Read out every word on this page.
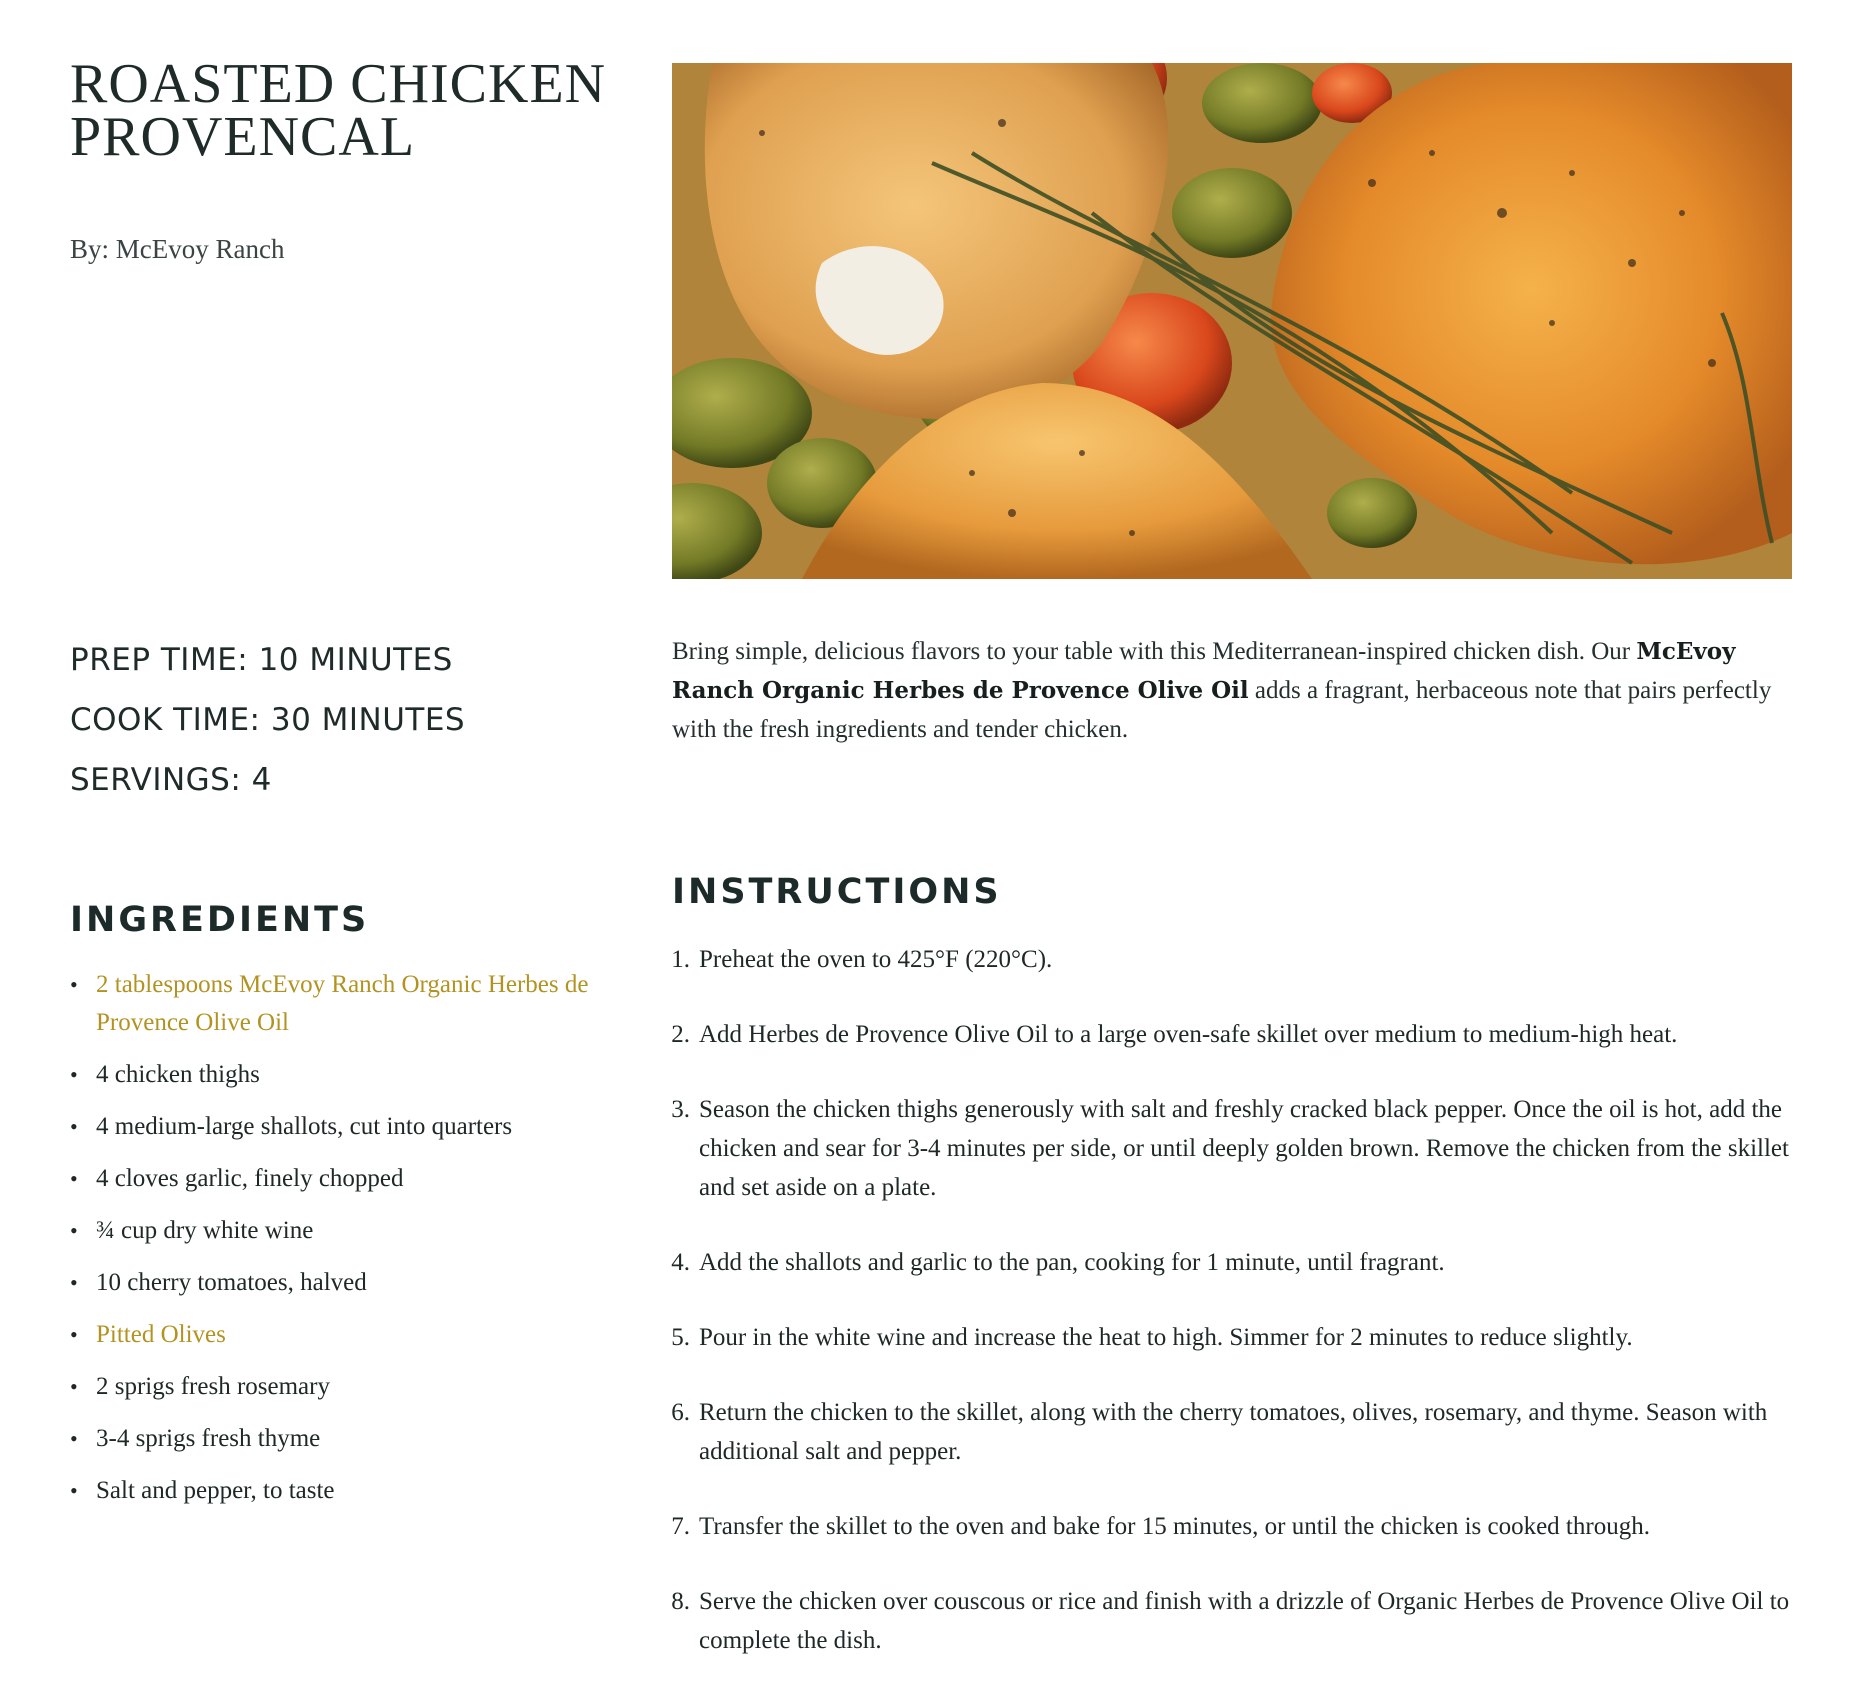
ROASTED CHICKEN
PROVENCAL

By: McEvoy Ranch

PREP TIME: 10 MINUTES
COOK TIME: 30 MINUTES
SERVINGS: 4
INGREDIENTS
• 2 tablespoons McEvoy Ranch Organic Herbes de Provence Olive Oil
• 4 chicken thighs
• 4 medium-large shallots, cut into quarters
• 4 cloves garlic, finely chopped
• ¾ cup dry white wine
• 10 cherry tomatoes, halved
• Pitted Olives
• 2 sprigs fresh rosemary
• 3-4 sprigs fresh thyme
• Salt and pepper, to taste
Bring simple, delicious flavors to your table with this Mediterranean-inspired chicken dish. Our McEvoy Ranch Organic Herbes de Provence Olive Oil adds a fragrant, herbaceous note that pairs perfectly with the fresh ingredients and tender chicken.
INSTRUCTIONS
1. Preheat the oven to 425°F (220°C).
2. Add Herbes de Provence Olive Oil to a large oven-safe skillet over medium to medium-high heat.
3. Season the chicken thighs generously with salt and freshly cracked black pepper. Once the oil is hot, add the chicken and sear for 3-4 minutes per side, or until deeply golden brown. Remove the chicken from the skillet and set aside on a plate.
4. Add the shallots and garlic to the pan, cooking for 1 minute, until fragrant.
5. Pour in the white wine and increase the heat to high. Simmer for 2 minutes to reduce slightly.
6. Return the chicken to the skillet, along with the cherry tomatoes, olives, rosemary, and thyme. Season with additional salt and pepper.
7. Transfer the skillet to the oven and bake for 15 minutes, or until the chicken is cooked through.
8. Serve the chicken over couscous or rice and finish with a drizzle of Organic Herbes de Provence Olive Oil to complete the dish.
